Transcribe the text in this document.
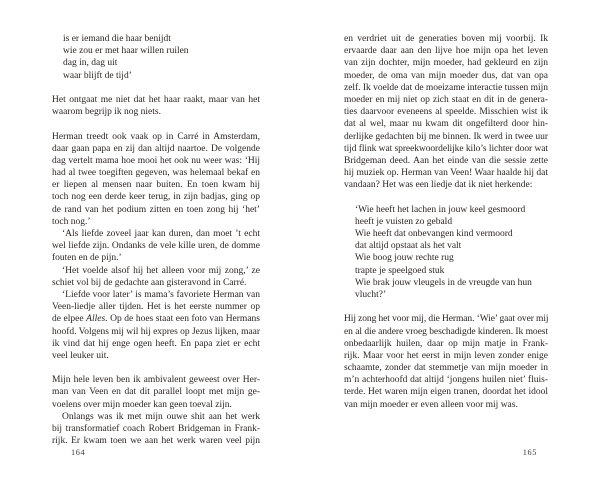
is er iemand die haar benijdt
wie zou er met haar willen ruilen
dag in, dag uit
waar blijft de tijd’
Het ontgaat me niet dat het haar raakt, maar van het
waarom begrijp ik nog niets.
Herman treedt ook vaak op in Carré in Amsterdam,
daar gaan papa en zij dan altijd naartoe. De volgende
dag vertelt mama hoe mooi het ook nu weer was: ‘Hij
had al twee toegiften gegeven, was helemaal bekaf en
er liepen al mensen naar buiten. En toen kwam hij
toch nog een derde keer terug, in zijn badjas, ging op
de rand van het podium zitten en toen zong hij ‘het’
toch nog.’
‘Als liefde zoveel jaar kan duren, dan moet ’t echt
wel liefde zijn. Ondanks de vele kille uren, de domme
fouten en de pijn.’
‘Het voelde alsof hij het alleen voor mij zong,’ ze
schiet vol bij de gedachte aan gisteravond in Carré.
‘Liefde voor later’ is mama’s favoriete Herman van
Veen-liedje aller tijden. Het is het eerste nummer op
de elpee Alles. Op de hoes staat een foto van Hermans
hoofd. Volgens mij wil hij expres op Jezus lijken, maar
ik vind dat hij enge ogen heeft. En papa ziet er echt
veel leuker uit.
Mijn hele leven ben ik ambivalent geweest over Her-
man van Veen en dat dit parallel loopt met mijn ge-
voelens over mijn moeder kan geen toeval zijn.
Onlangs was ik met mijn ouwe shit aan het werk
bij transformatief coach Robert Bridgeman in Frank-
rijk. Er kwam toen we aan het werk waren veel pijn
en verdriet uit de generaties boven mij voorbij. Ik
ervaarde daar aan den lijve hoe mijn opa het leven
van zijn dochter, mijn moeder, had gekleurd en zijn
moeder, de oma van mijn moeder dus, dat van opa
zelf. Ik voelde dat de moeizame interactie tussen mijn
moeder en mij niet op zich staat en dit in de genera-
ties daarvoor eveneens al speelde. Misschien wist ik
dat al wel, maar nu kwam dit ongefilterd door hin-
derlijke gedachten bij me binnen. Ik werd in twee uur
tijd flink wat spreekwoordelijke kilo’s lichter door wat
Bridgeman deed. Aan het einde van die sessie zette
hij muziek op. Herman van Veen! Waar haalde hij dat
vandaan? Het was een liedje dat ik niet herkende:
‘Wie heeft het lachen in jouw keel gesmoord
heeft je vuisten zo gebald
Wie heeft dat onbevangen kind vermoord
dat altijd opstaat als het valt
Wie boog jouw rechte rug
trapte je speelgoed stuk
Wie brak jouw vleugels in de vreugde van hun
vlucht?’
Hij zong het voor mij, die Herman. ‘Wie’ gaat over mij
en al die andere vroeg beschadigde kinderen. Ik moest
onbedaarlijk huilen, daar op mijn matje in Frank-
rijk. Maar voor het eerst in mijn leven zonder enige
schaamte, zonder dat stemmetje van mijn moeder in
m’n achterhoofd dat altijd ‘jongens huilen niet’ fluis-
terde. Het waren mijn eigen tranen, doordat het idool
van mijn moeder er even alleen voor mij was.
164	165
